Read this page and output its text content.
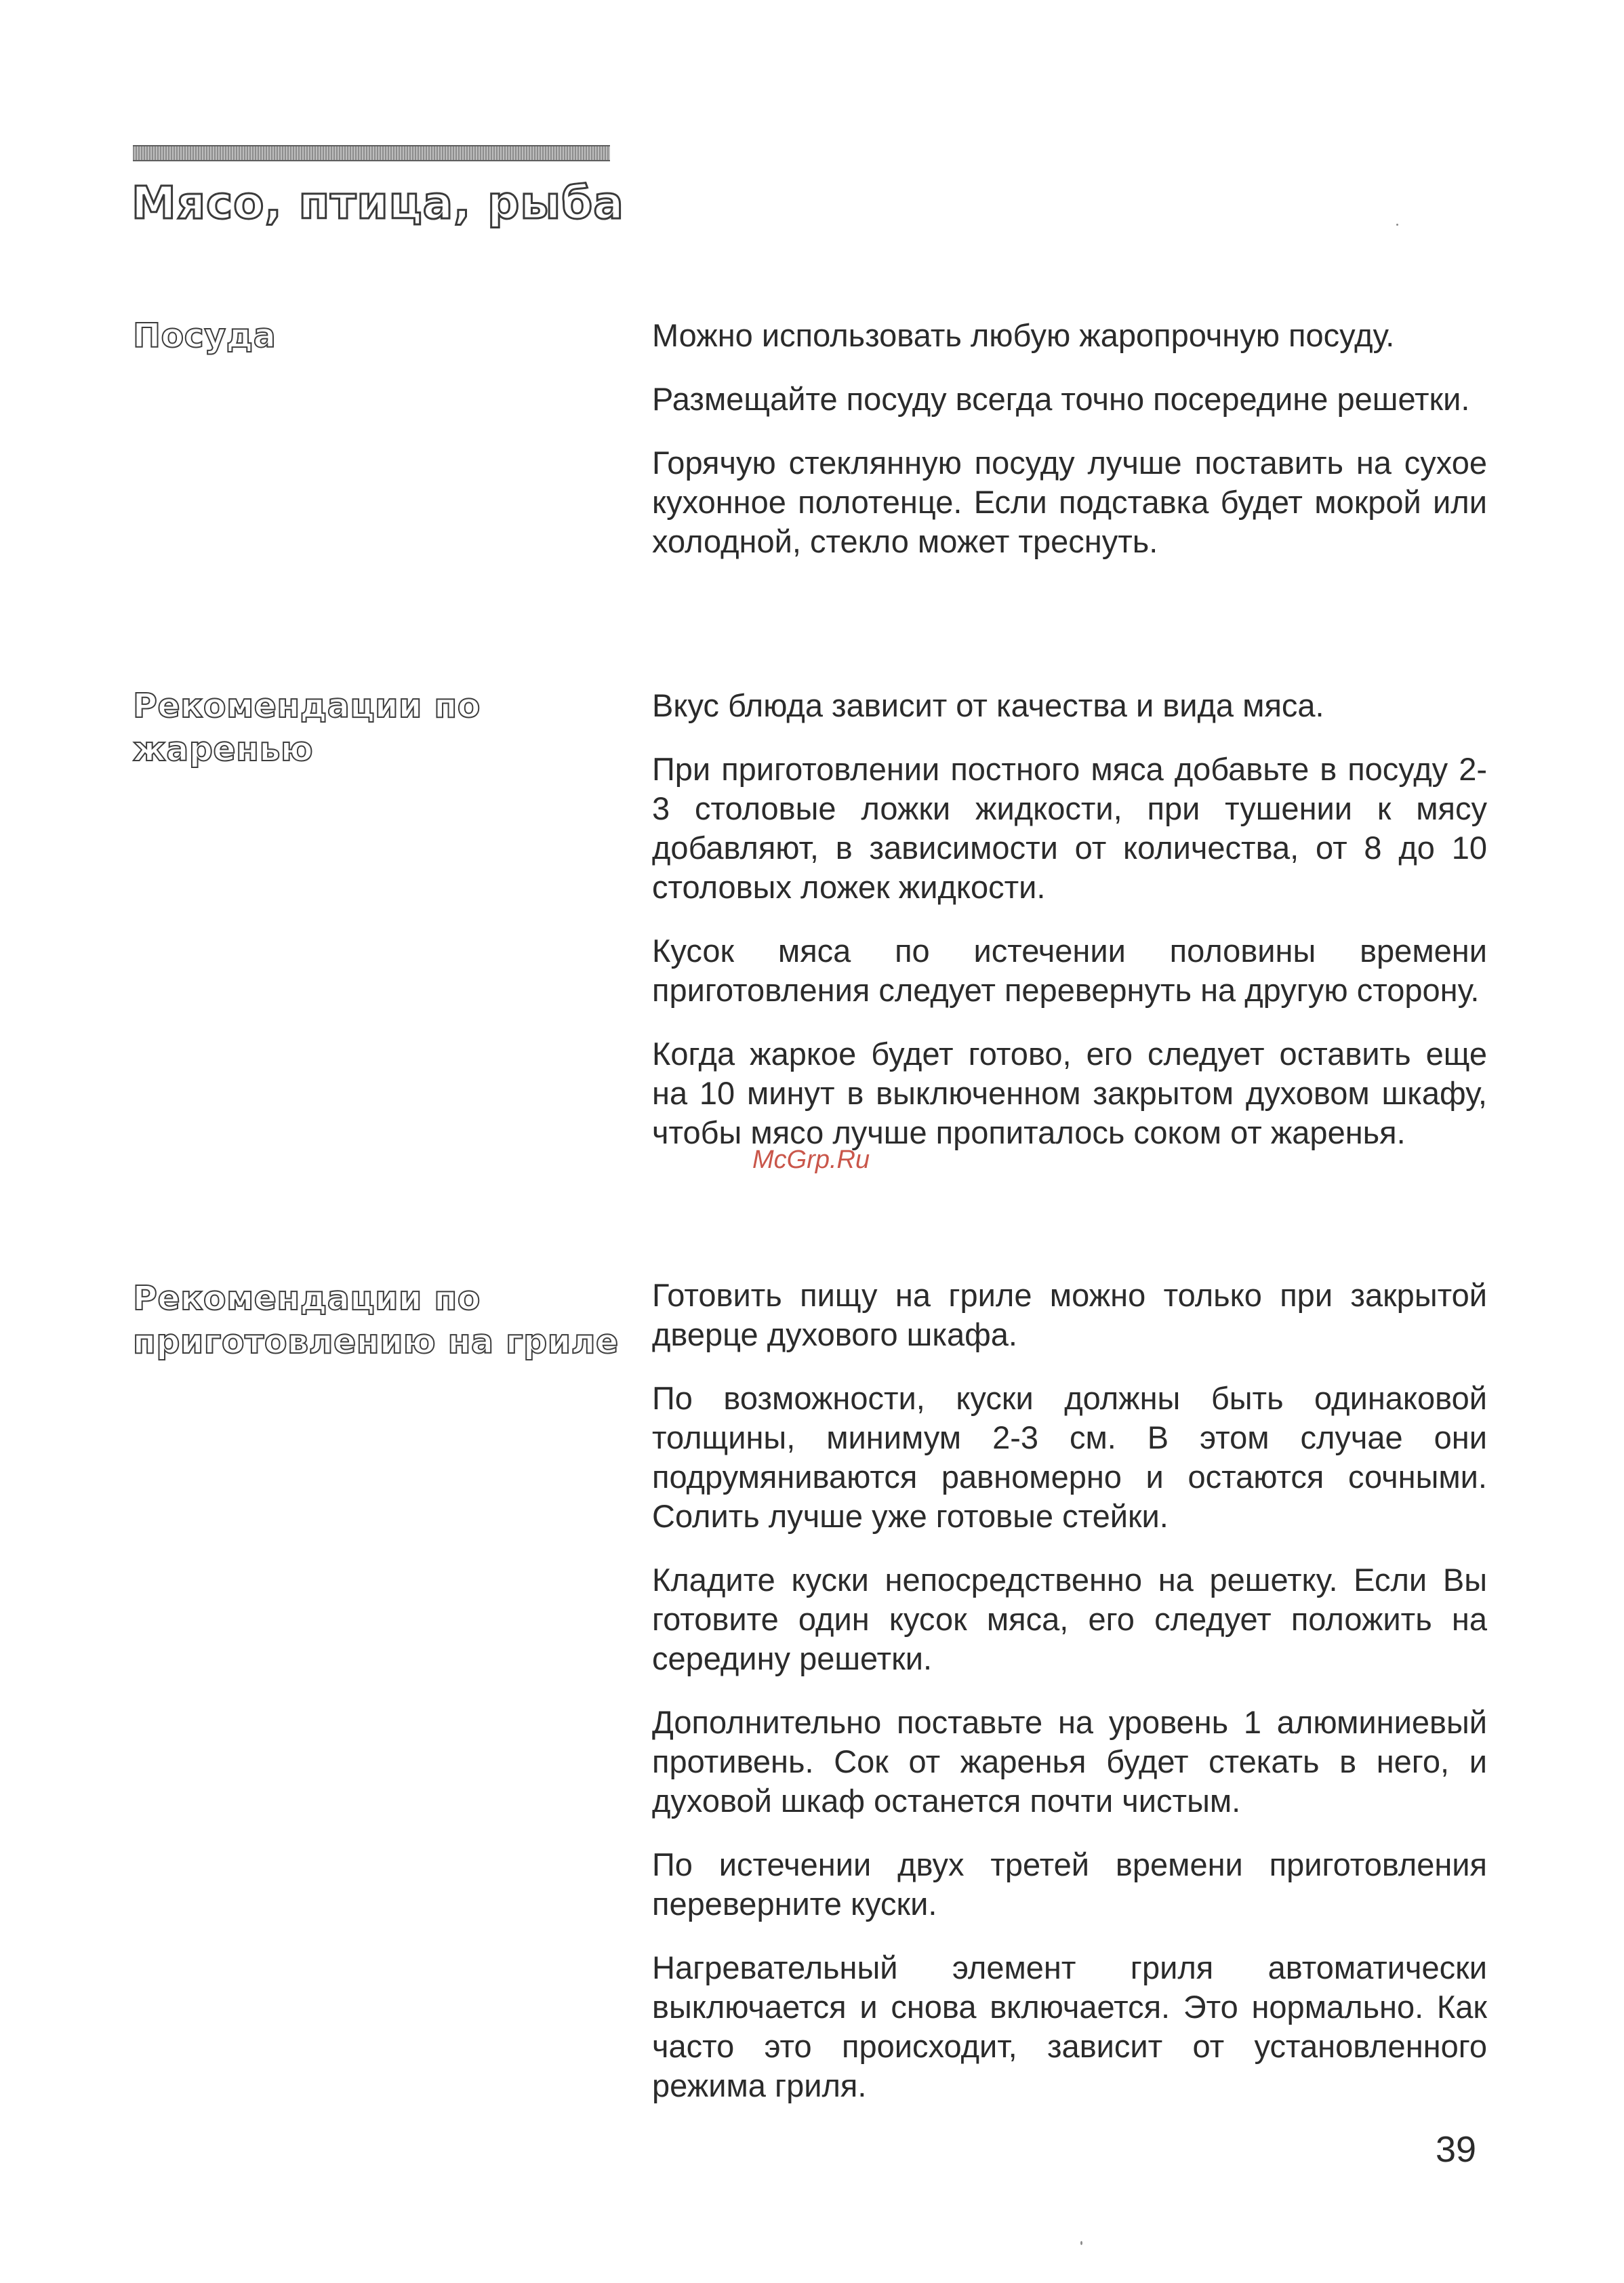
Мясо, птица, рыба
Посуда	Можно использовать любую жаропрочную посуду.

Размещайте посуду всегда точно посередине решетки.

Горячую стеклянную посуду лучше поставить на сухое кухонное полотенце. Если подставка будет мокрой или холодной, стекло может треснуть.

Рекомендации по жаренью

Вкус блюда зависит от качества и вида мяса.

При приготовлении постного мяса добавьте в посуду 2-3 столовые ложки жидкости, при тушении к мясу добавляют, в зависимости от количества, от 8 до 10 столовых ложек жидкости.

Кусок мяса по истечении половины времени приготовления следует перевернуть на другую сторону.

Когда жаркое будет готово, его следует оставить еще на 10 минут в выключенном закрытом духовом шкафу, чтобы мясо лучше пропиталось соком от жаренья.

Рекомендации по приготовлению на гриле

Готовить пищу на гриле можно только при закрытой дверце духового шкафа.

По возможности, куски должны быть одинаковой толщины, минимум 2-3 см. В этом случае они подрумяниваются равномерно и остаются сочными. Солить лучше уже готовые стейки.

Кладите куски непосредственно на решетку. Если Вы готовите один кусок мяса, его следует положить на середину решетки.

Дополнительно поставьте на уровень 1 алюминиевый противень. Сок от жаренья будет стекать в него, и духовой шкаф останется почти чистым.

По истечении двух третей времени приготовления переверните куски.

Нагревательный элемент гриля автоматически выключается и снова включается. Это нормально. Как часто это происходит, зависит от установленного режима гриля.

McGrp.Ru
39
